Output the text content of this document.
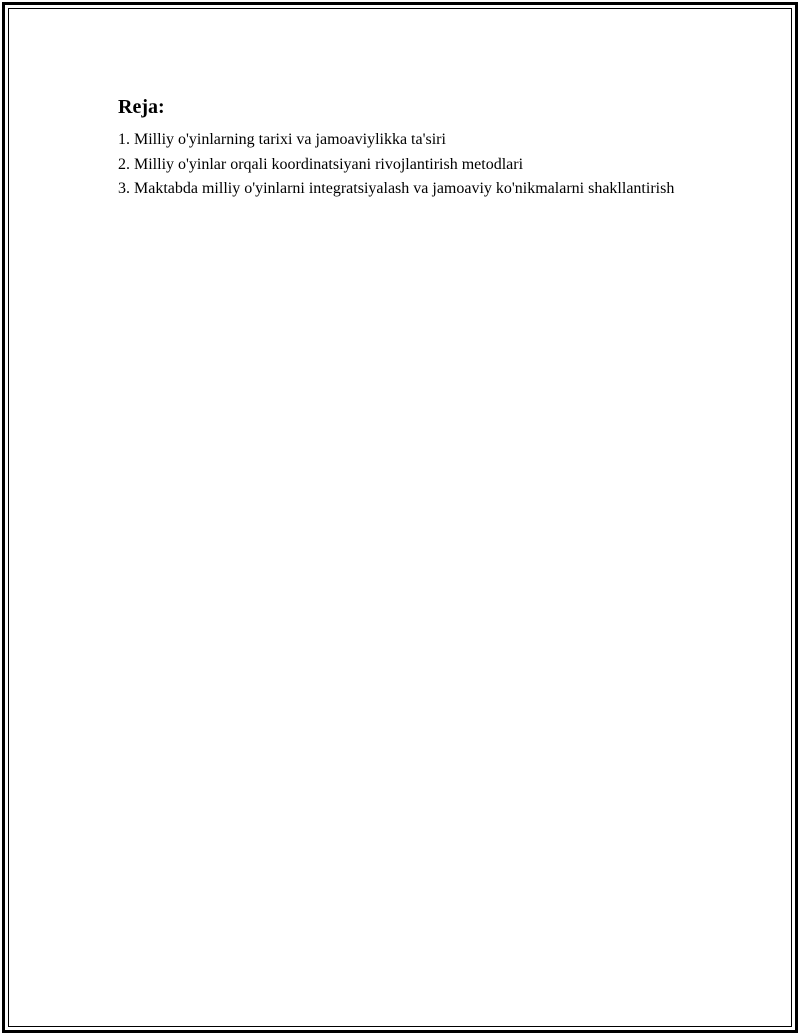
Reja:
1. Milliy o'yinlarning tarixi va jamoaviylikka ta'siri
2. Milliy o'yinlar orqali koordinatsiyani rivojlantirish metodlari
3. Maktabda milliy o'yinlarni integratsiyalash va jamoaviy ko'nikmalarni shakllantirish
